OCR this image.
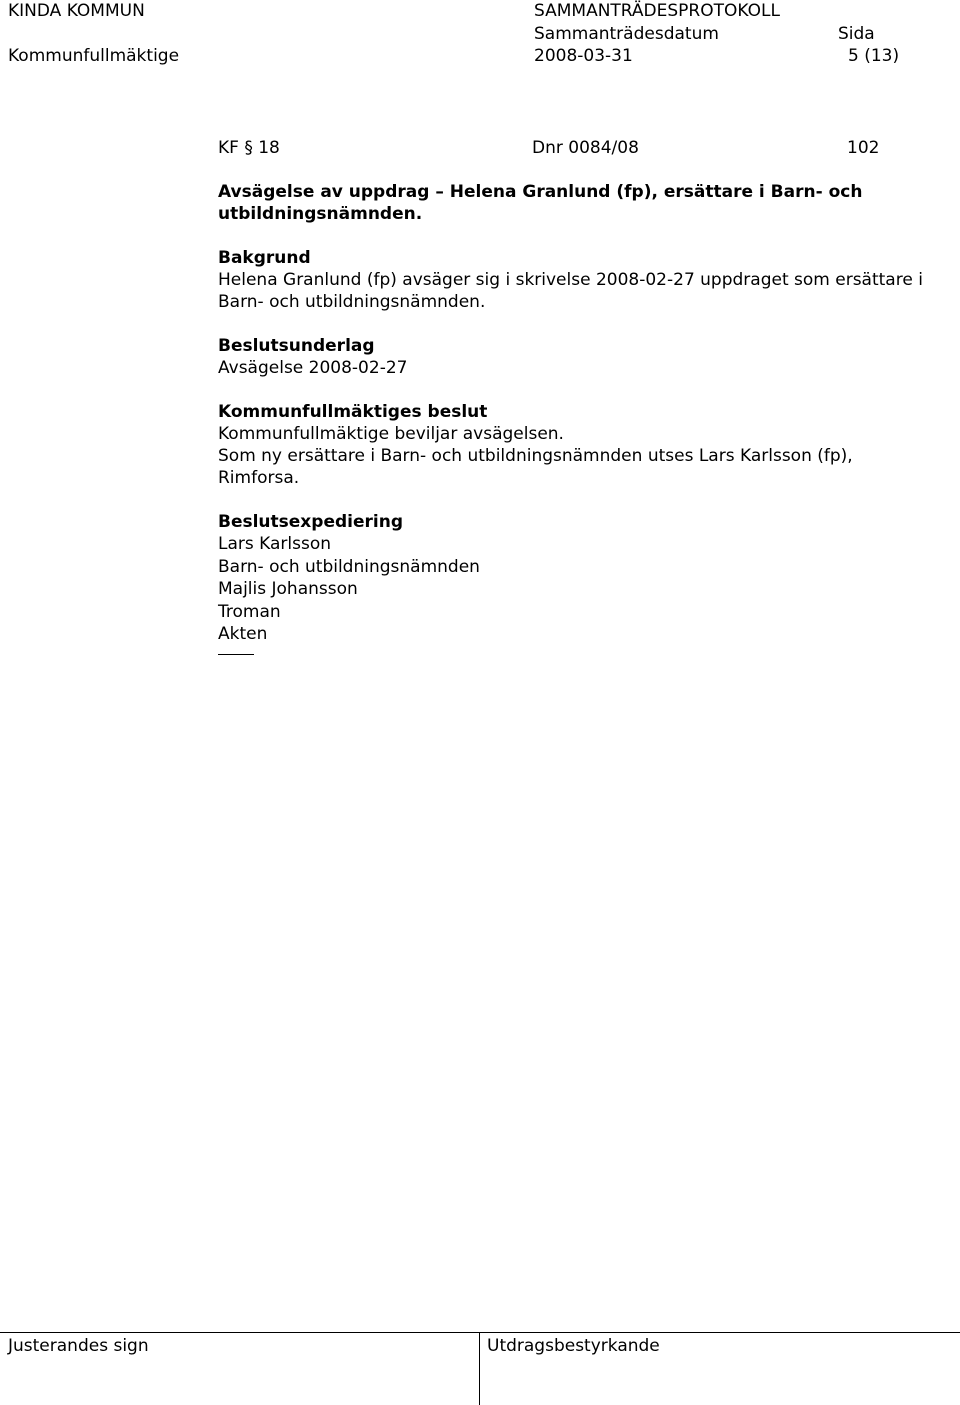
KINDA KOMMUN
Kommunfullmäktige
SAMMANTRÄDESPROTOKOLL
Sammanträdesdatum
2008-03-31
Sida
5 (13)
KF § 18	Dnr 0084/08	102
Avsägelse av uppdrag – Helena Granlund (fp), ersättare i Barn- och utbildningsnämnden.
Bakgrund
Helena Granlund (fp) avsäger sig i skrivelse 2008-02-27 uppdraget som ersättare i Barn- och utbildningsnämnden.
Beslutsunderlag
Avsägelse 2008-02-27
Kommunfullmäktiges beslut
Kommunfullmäktige beviljar avsägelsen.
Som ny ersättare i Barn- och utbildningsnämnden utses Lars Karlsson (fp), Rimforsa.
Beslutsexpediering
Lars Karlsson
Barn- och utbildningsnämnden
Majlis Johansson
Troman
Akten
Justerandes sign	Utdragsbestyrkande
